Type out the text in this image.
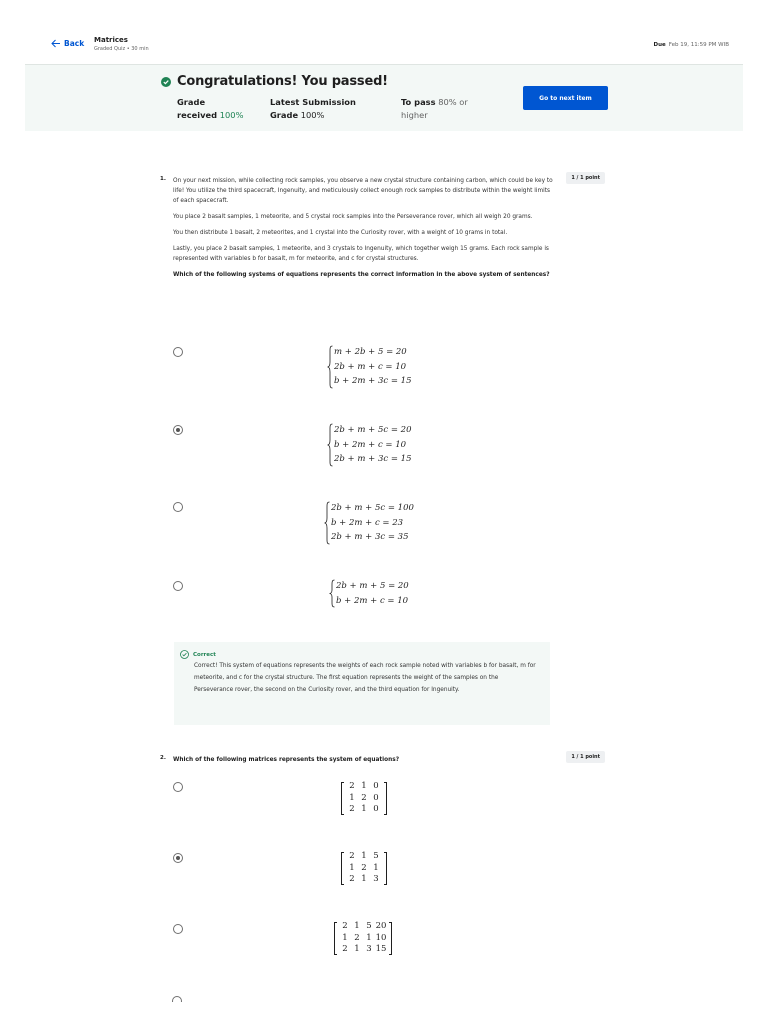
Back Matrices
Graded Quiz • 30 min
Due Feb 19, 11:59 PM WIB
Congratulations! You passed!
Grade
received 100%
Latest Submission
Grade 100%
To pass 80% or
higher
Go to next item
1.	1 / 1 point

On your next mission, while collecting rock samples, you observe a new crystal structure containing carbon, which could be key to life! You utilize the third spacecraft, Ingenuity, and meticulously collect enough rock samples to distribute within the weight limits of each spacecraft.

You place 2 basalt samples, 1 meteorite, and 5 crystal rock samples into the Perseverance rover, which all weigh 20 grams.

You then distribute 1 basalt, 2 meteorites, and 1 crystal into the Curiosity rover, with a weight of 10 grams in total.

Lastly, you place 2 basalt samples, 1 meteorite, and 3 crystals to Ingenuity, which together weigh 15 grams. Each rock sample is represented with variables b for basalt, m for meteorite, and c for crystal structures.

Which of the following systems of equations represents the correct information in the above system of sentences?

m + 2b + 5 = 20
2b + m + c = 10
b + 2m + 3c = 15
2b + m + 5c = 20
b + 2m + c = 10
2b + m + 3c = 15
2b + m + 5c = 100
b + 2m + c = 23
2b + m + 3c = 35
2b + m + 5 = 20
b + 2m + c = 10
Correct
Correct! This system of equations represents the weights of each rock sample noted with variables b for basalt, m for meteorite, and c for the crystal structure. The first equation represents the weight of the samples on the Perseverance rover, the second on the Curiosity rover, and the third equation for Ingenuity.
2.	1 / 1 point

Which of the following matrices represents the system of equations?

2 1 0
1 2 0
2 1 0
2 1 5
1 2 1
2 1 3
2 1 5 20
1 2 1 10
2 1 3 15
